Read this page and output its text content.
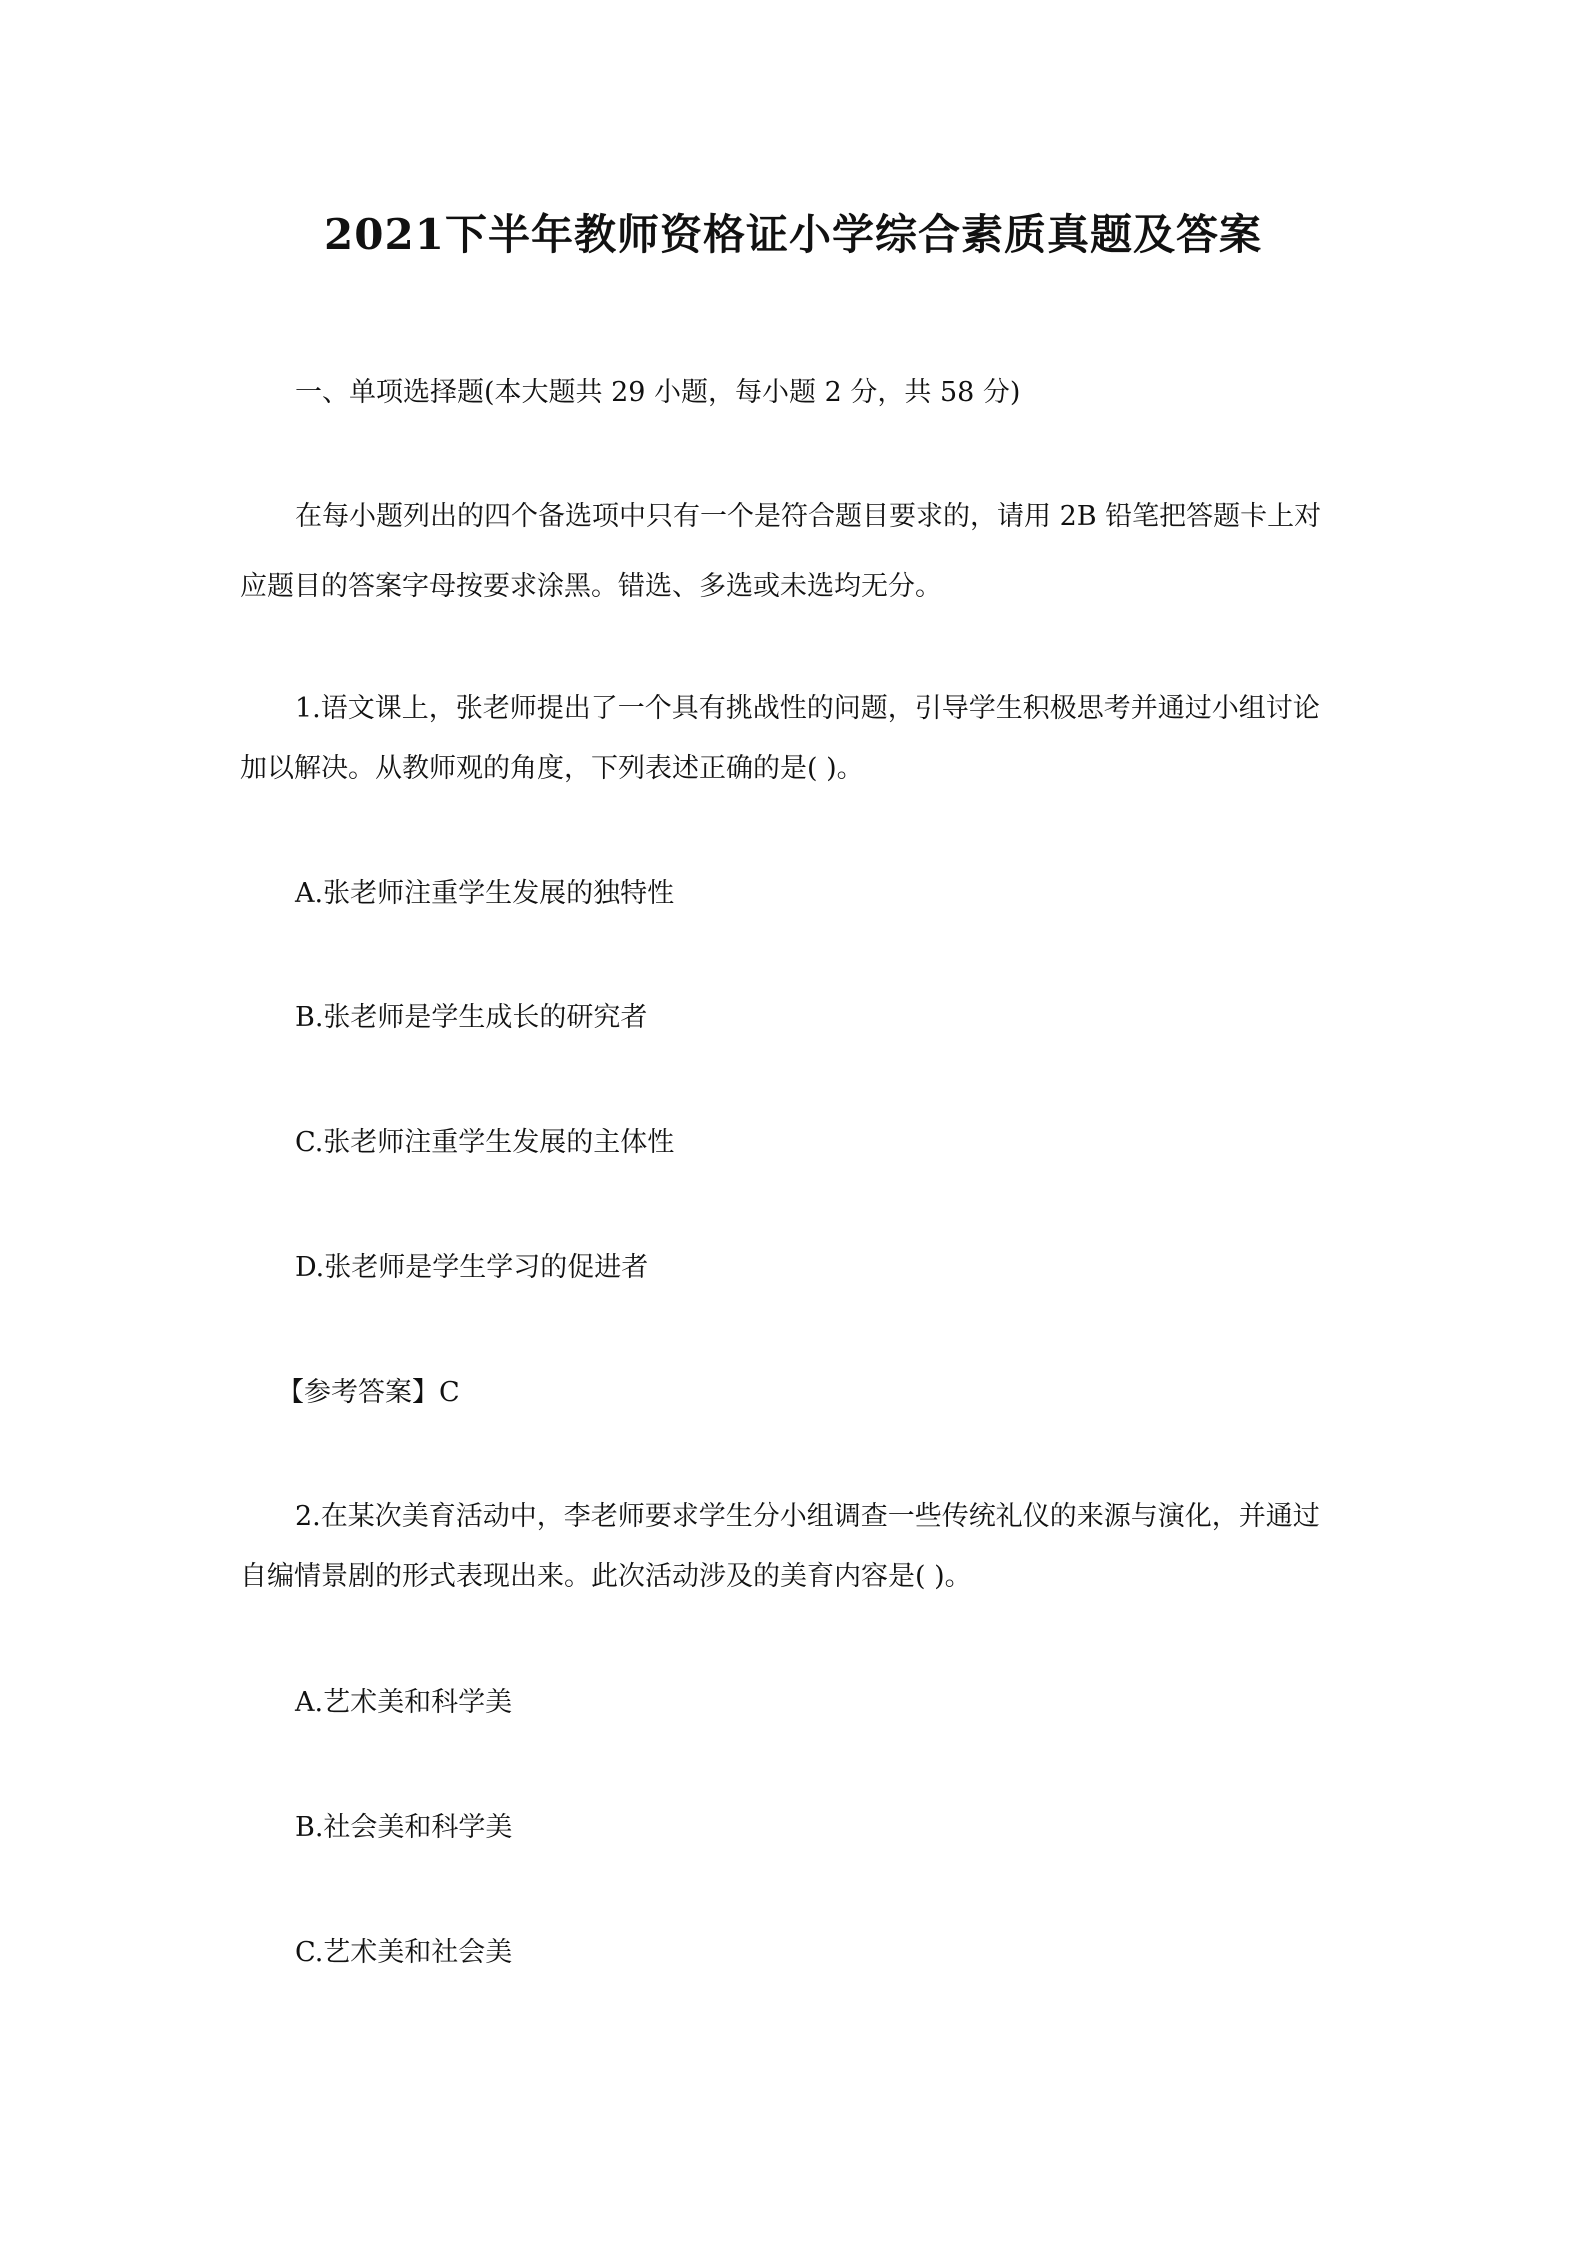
2021下半年教师资格证小学综合素质真题及答案
一、单项选择题(本大题共 29 小题，每小题 2 分，共 58 分)
在每小题列出的四个备选项中只有一个是符合题目要求的，请用 2B 铅笔把答题卡上对
应题目的答案字母按要求涂黑。错选、多选或未选均无分。
1.语文课上，张老师提出了一个具有挑战性的问题，引导学生积极思考并通过小组讨论
加以解决。从教师观的角度，下列表述正确的是( )。
A.张老师注重学生发展的独特性
B.张老师是学生成长的研究者
C.张老师注重学生发展的主体性
D.张老师是学生学习的促进者
【参考答案】C
2.在某次美育活动中，李老师要求学生分小组调查一些传统礼仪的来源与演化，并通过
自编情景剧的形式表现出来。此次活动涉及的美育内容是( )。
A.艺术美和科学美
B.社会美和科学美
C.艺术美和社会美
